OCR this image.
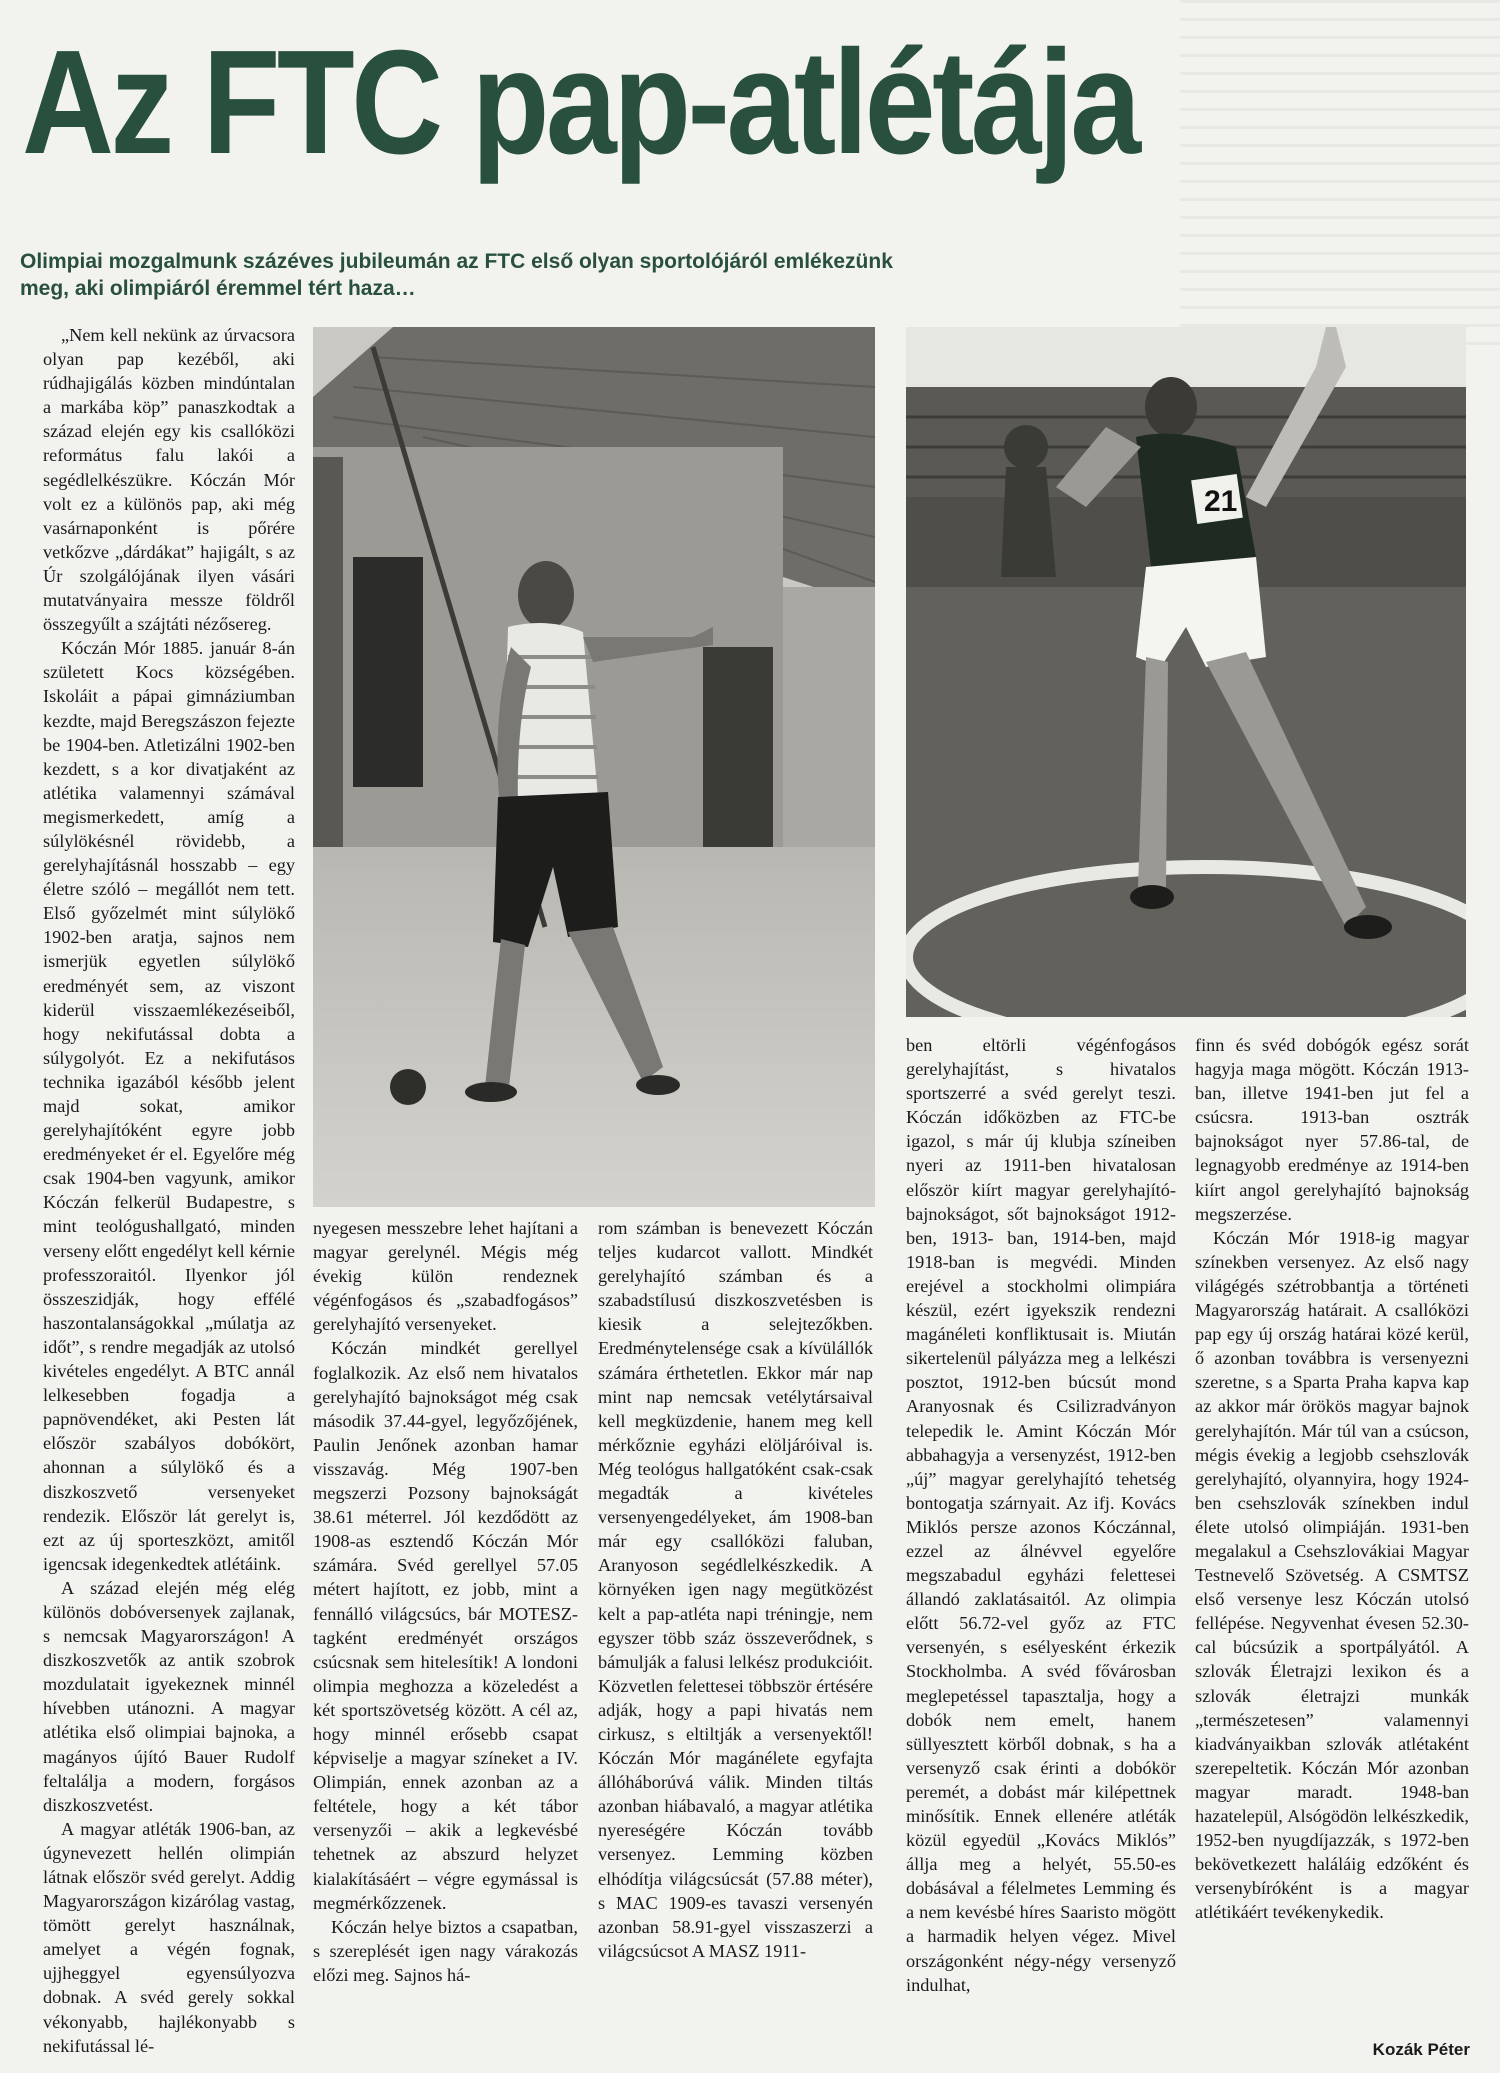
Az FTC pap-atlétája
Olimpiai mozgalmunk százéves jubileumán az FTC első olyan sportolójáról emlékezünk meg, aki olimpiáról éremmel tért haza…
21

„Nem kell nekünk az úrvacsora olyan pap kezéből, aki rúdhajigálás közben mindúntalan a markába köp” panaszkodtak a század elején egy kis csallóközi református falu lakói a segédlelkészükre. Kóczán Mór volt ez a különös pap, aki még vasárnaponként is pőrére vetkőzve „dárdákat” hajigált, s az Úr szolgálójának ilyen vásári mutatványaira messze földről összegyűlt a szájtáti nézősereg.

Kóczán Mór 1885. január 8-án született Kocs községében. Iskoláit a pápai gimnáziumban kezdte, majd Beregszászon fejezte be 1904-ben. Atletizálni 1902-ben kezdett, s a kor divatjaként az atlétika valamennyi számával megismerkedett, amíg a súlylökésnél rövidebb, a gerelyhajításnál hosszabb – egy életre szóló – megállót nem tett. Első győzelmét mint súlylökő 1902-ben aratja, sajnos nem ismerjük egyetlen súlylökő eredményét sem, az viszont kiderül visszaemlékezéseiből, hogy nekifutással dobta a súlygolyót. Ez a nekifutásos technika igazából később jelent majd sokat, amikor gerelyhajítóként egyre jobb eredményeket ér el. Egyelőre még csak 1904-ben vagyunk, amikor Kóczán felkerül Budapestre, s mint teológushallgató, minden verseny előtt engedélyt kell kérnie professzoraitól. Ilyenkor jól összeszidják, hogy effélé haszontalanságokkal „múlatja az időt”, s rendre megadják az utolsó kivételes engedélyt. A BTC annál lelkesebben fogadja a papnövendéket, aki Pesten lát először szabályos dobókört, ahonnan a súlylökő és a diszkoszvető versenyeket rendezik. Először lát gerelyt is, ezt az új sporteszközt, amitől igencsak idegenkedtek atlétáink.

A század elején még elég különös dobóversenyek zajlanak, s nemcsak Magyarországon! A diszkoszvetők az antik szobrok mozdulatait igyekeznek minnél hívebben utánozni. A magyar atlétika első olimpiai bajnoka, a magányos újító Bauer Rudolf feltalálja a modern, forgásos diszkoszvetést.

A magyar atléták 1906-ban, az úgynevezett hellén olimpián látnak először svéd gerelyt. Addig Magyarországon kizárólag vastag, tömött gerelyt használnak, amelyet a végén fognak, ujjheggyel egyensúlyozva dobnak. A svéd gerely sokkal vékonyabb, hajlékonyabb s nekifutással lé-

nyegesen messzebre lehet hajítani a magyar gerelynél. Mégis még évekig külön rendeznek végénfogásos és „szabadfogásos” gerelyhajító versenyeket.

Kóczán mindkét gerellyel foglalkozik. Az első nem hivatalos gerelyhajító bajnokságot még csak második 37.44-gyel, legyőzőjének, Paulin Jenőnek azonban hamar visszavág. Még 1907-ben megszerzi Pozsony bajnokságát 38.61 méterrel. Jól kezdődött az 1908-as esztendő Kóczán Mór számára. Svéd gerellyel 57.05 métert hajított, ez jobb, mint a fennálló világcsúcs, bár MOTESZ-tagként eredményét országos csúcsnak sem hitelesítik! A londoni olimpia meghozza a közeledést a két sportszövetség között. A cél az, hogy minnél erősebb csapat képviselje a magyar színeket a IV. Olimpián, ennek azonban az a feltétele, hogy a két tábor versenyzői – akik a legkevésbé tehetnek az abszurd helyzet kialakításáért – végre egymással is megmérkőzzenek.

Kóczán helye biztos a csapatban, s szereplését igen nagy várakozás előzi meg. Sajnos há-

rom számban is benevezett Kóczán teljes kudarcot vallott. Mindkét gerelyhajító számban és a szabadstílusú diszkoszvetésben is kiesik a selejtezőkben. Eredménytelensége csak a kívülállók számára érthetetlen. Ekkor már nap mint nap nemcsak vetélytársaival kell megküzdenie, hanem meg kell mérkőznie egyházi elöljáróival is. Még teológus hallgatóként csak-csak megadták a kivételes versenyengedélyeket, ám 1908-ban már egy csallóközi faluban, Aranyoson segédlelkészkedik. A környéken igen nagy megütközést kelt a pap-atléta napi tréningje, nem egyszer több száz összeverődnek, s bámulják a falusi lelkész produkcióit. Közvetlen felettesei többször értésére adják, hogy a papi hivatás nem cirkusz, s eltiltják a versenyektől! Kóczán Mór magánélete egyfajta állóháborúvá válik. Minden tiltás azonban hiábavaló, a magyar atlétika nyereségére Kóczán tovább versenyez. Lemming közben elhódítja világcsúcsát (57.88 méter), s MAC 1909-es tavaszi versenyén azonban 58.91-gyel visszaszerzi a világcsúcsot A MASZ 1911-

ben eltörli végénfogásos gerelyhajítást, s hivatalos sportszerré a svéd gerelyt teszi. Kóczán időközben az FTC-be igazol, s már új klubja színeiben nyeri az 1911-ben hivatalosan először kiírt magyar gerelyhajító-bajnokságot, sőt bajnokságot 1912-ben, 1913- ban, 1914-ben, majd 1918-ban is megvédi. Minden erejével a stockholmi olimpiára készül, ezért igyekszik rendezni magánéleti konfliktusait is. Miután sikertelenül pályázza meg a lelkészi posztot, 1912-ben búcsút mond Aranyosnak és Csilizradványon telepedik le. Amint Kóczán Mór abbahagyja a versenyzést, 1912-ben „új” magyar gerelyhajító tehetség bontogatja szárnyait. Az ifj. Kovács Miklós persze azonos Kóczánnal, ezzel az álnévvel egyelőre megszabadul egyházi felettesei állandó zaklatásaitól. Az olimpia előtt 56.72-vel győz az FTC versenyén, s esélyesként érkezik Stockholmba. A svéd fővárosban meglepetéssel tapasztalja, hogy a dobók nem emelt, hanem süllyesztett körből dobnak, s ha a versenyző csak érinti a dobókör peremét, a dobást már kilépettnek minősítik. Ennek ellenére atléták közül egyedül „Kovács Miklós” állja meg a helyét, 55.50-es dobásával a félelmetes Lemming és a nem kevésbé híres Saaristo mögött a harmadik helyen végez. Mivel országonként négy-négy versenyző indulhat,

finn és svéd dobógók egész sorát hagyja maga mögött. Kóczán 1913-ban, illetve 1941-ben jut fel a csúcsra. 1913-ban osztrák bajnokságot nyer 57.86-tal, de legnagyobb eredménye az 1914-ben kiírt angol gerelyhajító bajnokság megszerzése.

Kóczán Mór 1918-ig magyar színekben versenyez. Az első nagy világégés szétrobbantja a történeti Magyarország határait. A csallóközi pap egy új ország határai közé kerül, ő azonban továbbra is versenyezni szeretne, s a Sparta Praha kapva kap az akkor már örökös magyar bajnok gerelyhajítón. Már túl van a csúcson, mégis évekig a legjobb csehszlovák gerelyhajító, olyannyira, hogy 1924-ben csehszlovák színekben indul élete utolsó olimpiáján. 1931-ben megalakul a Csehszlovákiai Magyar Testnevelő Szövetség. A CSMTSZ első versenye lesz Kóczán utolsó fellépése. Negyvenhat évesen 52.30-cal búcsúzik a sportpályától. A szlovák Életrajzi lexikon és a szlovák életrajzi munkák „természetesen” valamennyi kiadványaikban szlovák atlétaként szerepeltetik. Kóczán Mór azonban magyar maradt. 1948-ban hazatelepül, Alsógödön lelkészkedik, 1952-ben nyugdíjazzák, s 1972-ben bekövetkezett haláláig edzőként és versenybíróként is a magyar atlétikáért tevékenykedik.

Kozák Péter
